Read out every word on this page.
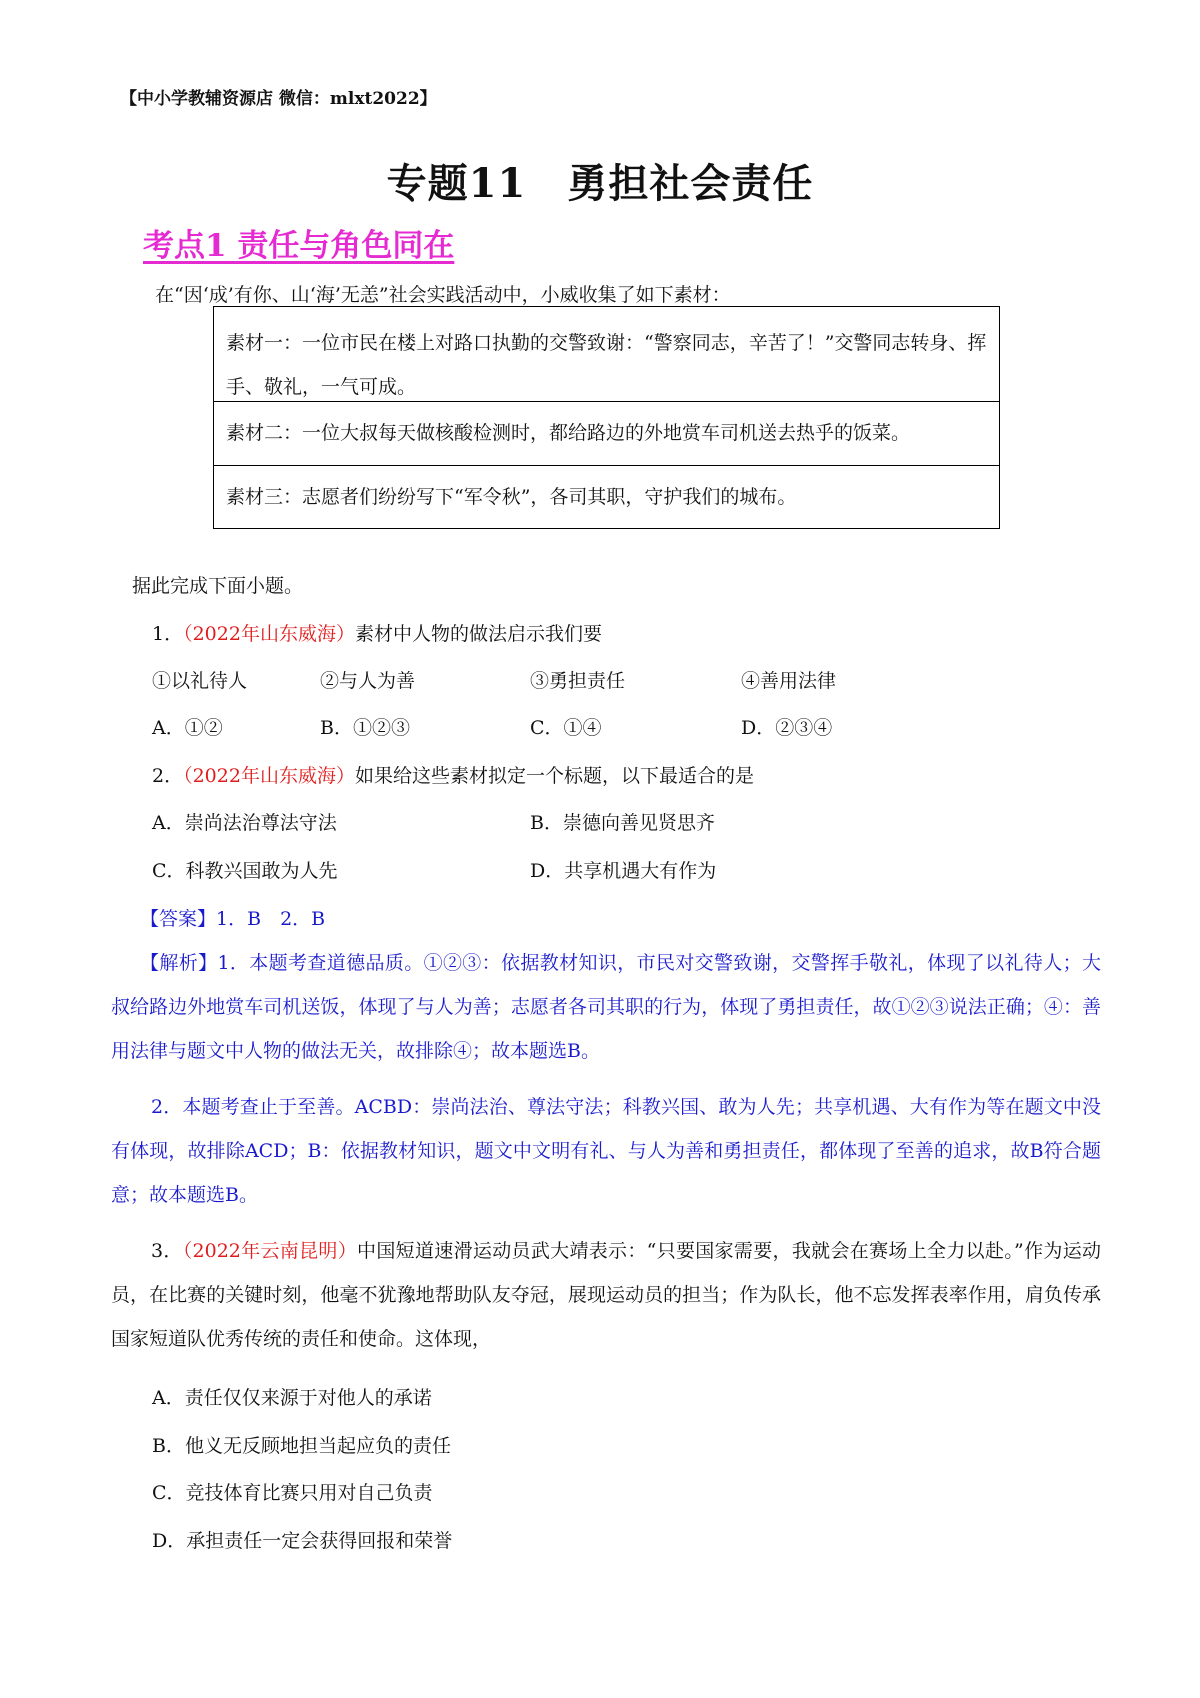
【中小学教辅资源店 微信：mlxt2022】
专题11　勇担社会责任
考点1 责任与角色同在
在“因‘成’有你、山‘海’无恙”社会实践活动中，小威收集了如下素材：
素材一：一位市民在楼上对路口执勤的交警致谢：“警察同志，辛苦了！”交警同志转身、挥手、敬礼，一气可成。
素材二：一位大叔每天做核酸检测时，都给路边的外地赏车司机送去热乎的饭菜。
素材三：志愿者们纷纷写下“军令秋”，各司其职，守护我们的城布。
据此完成下面小题。
1．（2022年山东威海）素材中人物的做法启示我们要
①以礼待人	②与人为善	③勇担责任	④善用法律
A．①②	B．①②③	C．①④	D．②③④
2．（2022年山东威海）如果给这些素材拟定一个标题，以下最适合的是
A．崇尚法治尊法守法	B．崇德向善见贤思齐
C．科教兴国敢为人先	D．共享机遇大有作为
【答案】1．B　2．B
【解析】1．本题考查道德品质。①②③：依据教材知识，市民对交警致谢，交警挥手敬礼，体现了以礼待人；大叔给路边外地赏车司机送饭，体现了与人为善；志愿者各司其职的行为，体现了勇担责任，故①②③说法正确；④：善用法律与题文中人物的做法无关，故排除④；故本题选B。
2．本题考查止于至善。ACBD：崇尚法治、尊法守法；科教兴国、敢为人先；共享机遇、大有作为等在题文中没有体现，故排除ACD；B：依据教材知识，题文中文明有礼、与人为善和勇担责任，都体现了至善的追求，故B符合题意；故本题选B。
3．（2022年云南昆明）中国短道速滑运动员武大靖表示：“只要国家需要，我就会在赛场上全力以赴。”作为运动员，在比赛的关键时刻，他毫不犹豫地帮助队友夺冠，展现运动员的担当；作为队长，他不忘发挥表率作用，肩负传承国家短道队优秀传统的责任和使命。这体现，
A．责任仅仅来源于对他人的承诺
B．他义无反顾地担当起应负的责任
C．竞技体育比赛只用对自己负责
D．承担责任一定会获得回报和荣誉
